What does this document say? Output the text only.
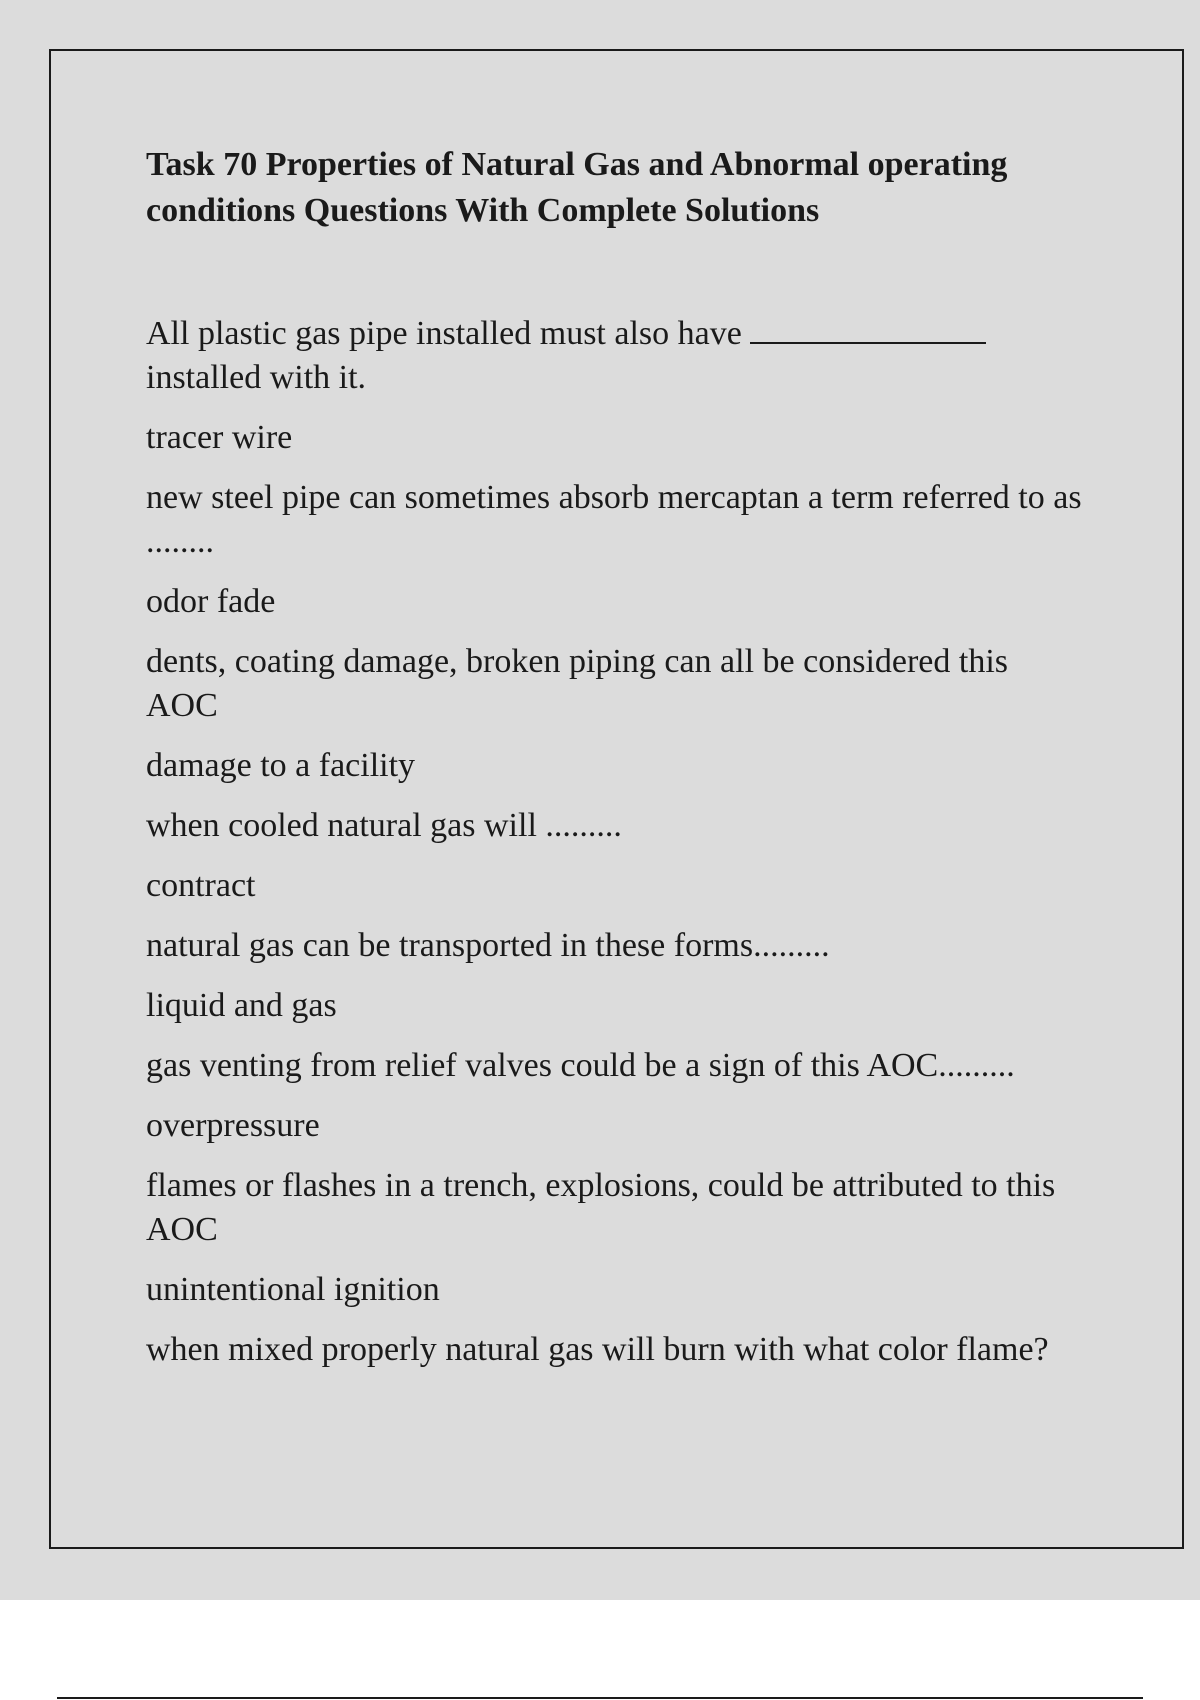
Task 70 Properties of Natural Gas and Abnormal operating conditions Questions With Complete Solutions

All plastic gas pipe installed must also have  installed with it.

tracer wire

new steel pipe can sometimes absorb mercaptan a term referred to as ........

odor fade

dents, coating damage, broken piping can all be considered this AOC

damage to a facility

when cooled natural gas will .........

contract

natural gas can be transported in these forms.........

liquid and gas

gas venting from relief valves could be a sign of this AOC.........

overpressure

flames or flashes in a trench, explosions, could be attributed to this AOC

unintentional ignition

when mixed properly natural gas will burn with what color flame?
